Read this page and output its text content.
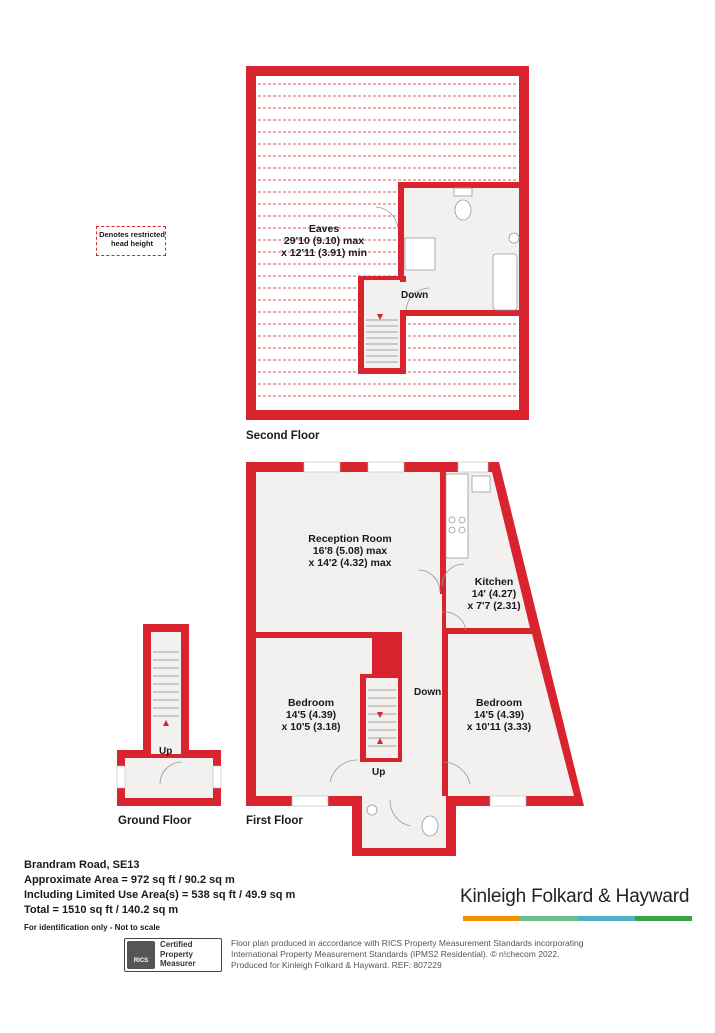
Denotes restricted head height
Eaves
29'10 (9.10) max
x 12'11 (3.91) min
Down
Second Floor
Reception Room
16'8 (5.08) max
x 14'2 (4.32) max
Kitchen
14' (4.27)
x 7'7 (2.31)
Bedroom
14'5 (4.39)
x 10'5 (3.18)
Bedroom
14'5 (4.39)
x 10'11 (3.33)
Down
Up
First Floor
Up
Ground Floor
Brandram Road, SE13
Approximate Area = 972 sq ft / 90.2 sq m
Including Limited Use Area(s) = 538 sq ft / 49.9 sq m
Total = 1510 sq ft / 140.2 sq m
For identification only - Not to scale
Kinleigh Folkard & Hayward
RICS
Certified
Property
Measurer
Floor plan produced in accordance with RICS Property Measurement Standards incorporating
International Property Measurement Standards (IPMS2 Residential). © n!checom 2022.
Produced for Kinleigh Folkard & Hayward. REF: 807229
